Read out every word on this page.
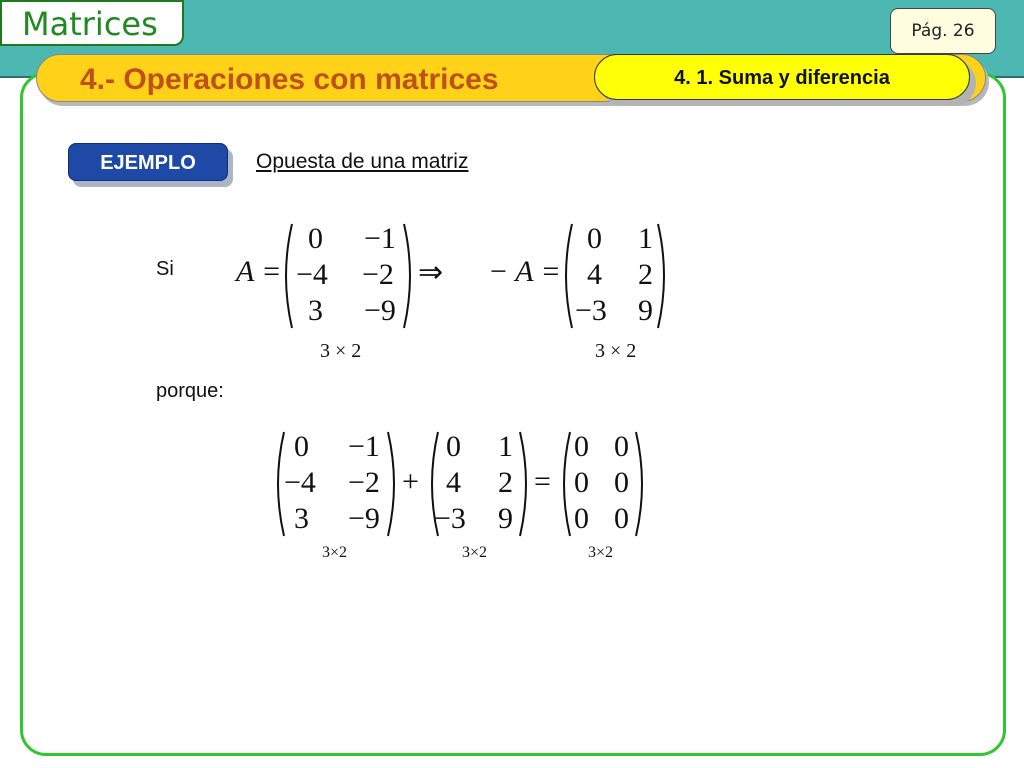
Matrices	Pág. 26
4.- Operaciones con matrices	4. 1. Suma y diferencia
EJEMPLO	Opuesta de una matriz
Si
porque:
A =
0 −1
−4 −2
3 −9
⇒ − A =
0 1
4 2
−3 9
3 × 2	3 × 2
0 −1
−4 −2
3 −9
+
0 1
4 2
−3 9
=
0 0
0 0
0 0
3×2	3×2	3×2
